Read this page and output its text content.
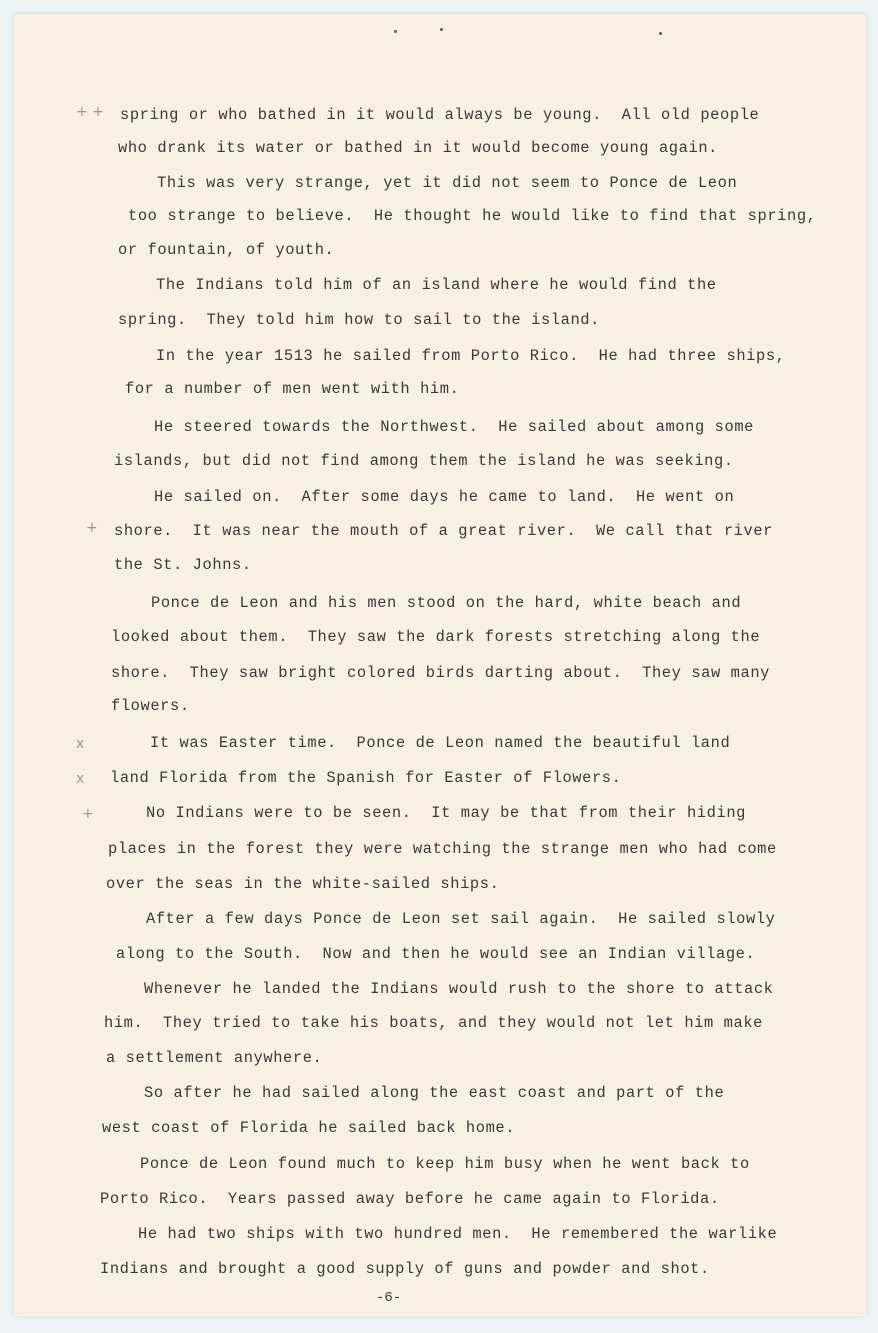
+ +
+
x
x
+
spring or who bathed in it would always be young.  All old people
who drank its water or bathed in it would become young again.
This was very strange, yet it did not seem to Ponce de Leon
too strange to believe.  He thought he would like to find that spring,
or fountain, of youth.
The Indians told him of an island where he would find the
spring.  They told him how to sail to the island.
In the year 1513 he sailed from Porto Rico.  He had three ships,
for a number of men went with him.
He steered towards the Northwest.  He sailed about among some
islands, but did not find among them the island he was seeking.
He sailed on.  After some days he came to land.  He went on
shore.  It was near the mouth of a great river.  We call that river
the St. Johns.
Ponce de Leon and his men stood on the hard, white beach and
looked about them.  They saw the dark forests stretching along the
shore.  They saw bright colored birds darting about.  They saw many
flowers.
It was Easter time.  Ponce de Leon named the beautiful land
land Florida from the Spanish for Easter of Flowers.
No Indians were to be seen.  It may be that from their hiding
places in the forest they were watching the strange men who had come
over the seas in the white-sailed ships.
After a few days Ponce de Leon set sail again.  He sailed slowly
along to the South.  Now and then he would see an Indian village.
Whenever he landed the Indians would rush to the shore to attack
him.  They tried to take his boats, and they would not let him make
a settlement anywhere.
So after he had sailed along the east coast and part of the
west coast of Florida he sailed back home.
Ponce de Leon found much to keep him busy when he went back to
Porto Rico.  Years passed away before he came again to Florida.
He had two ships with two hundred men.  He remembered the warlike
Indians and brought a good supply of guns and powder and shot.
-6-
